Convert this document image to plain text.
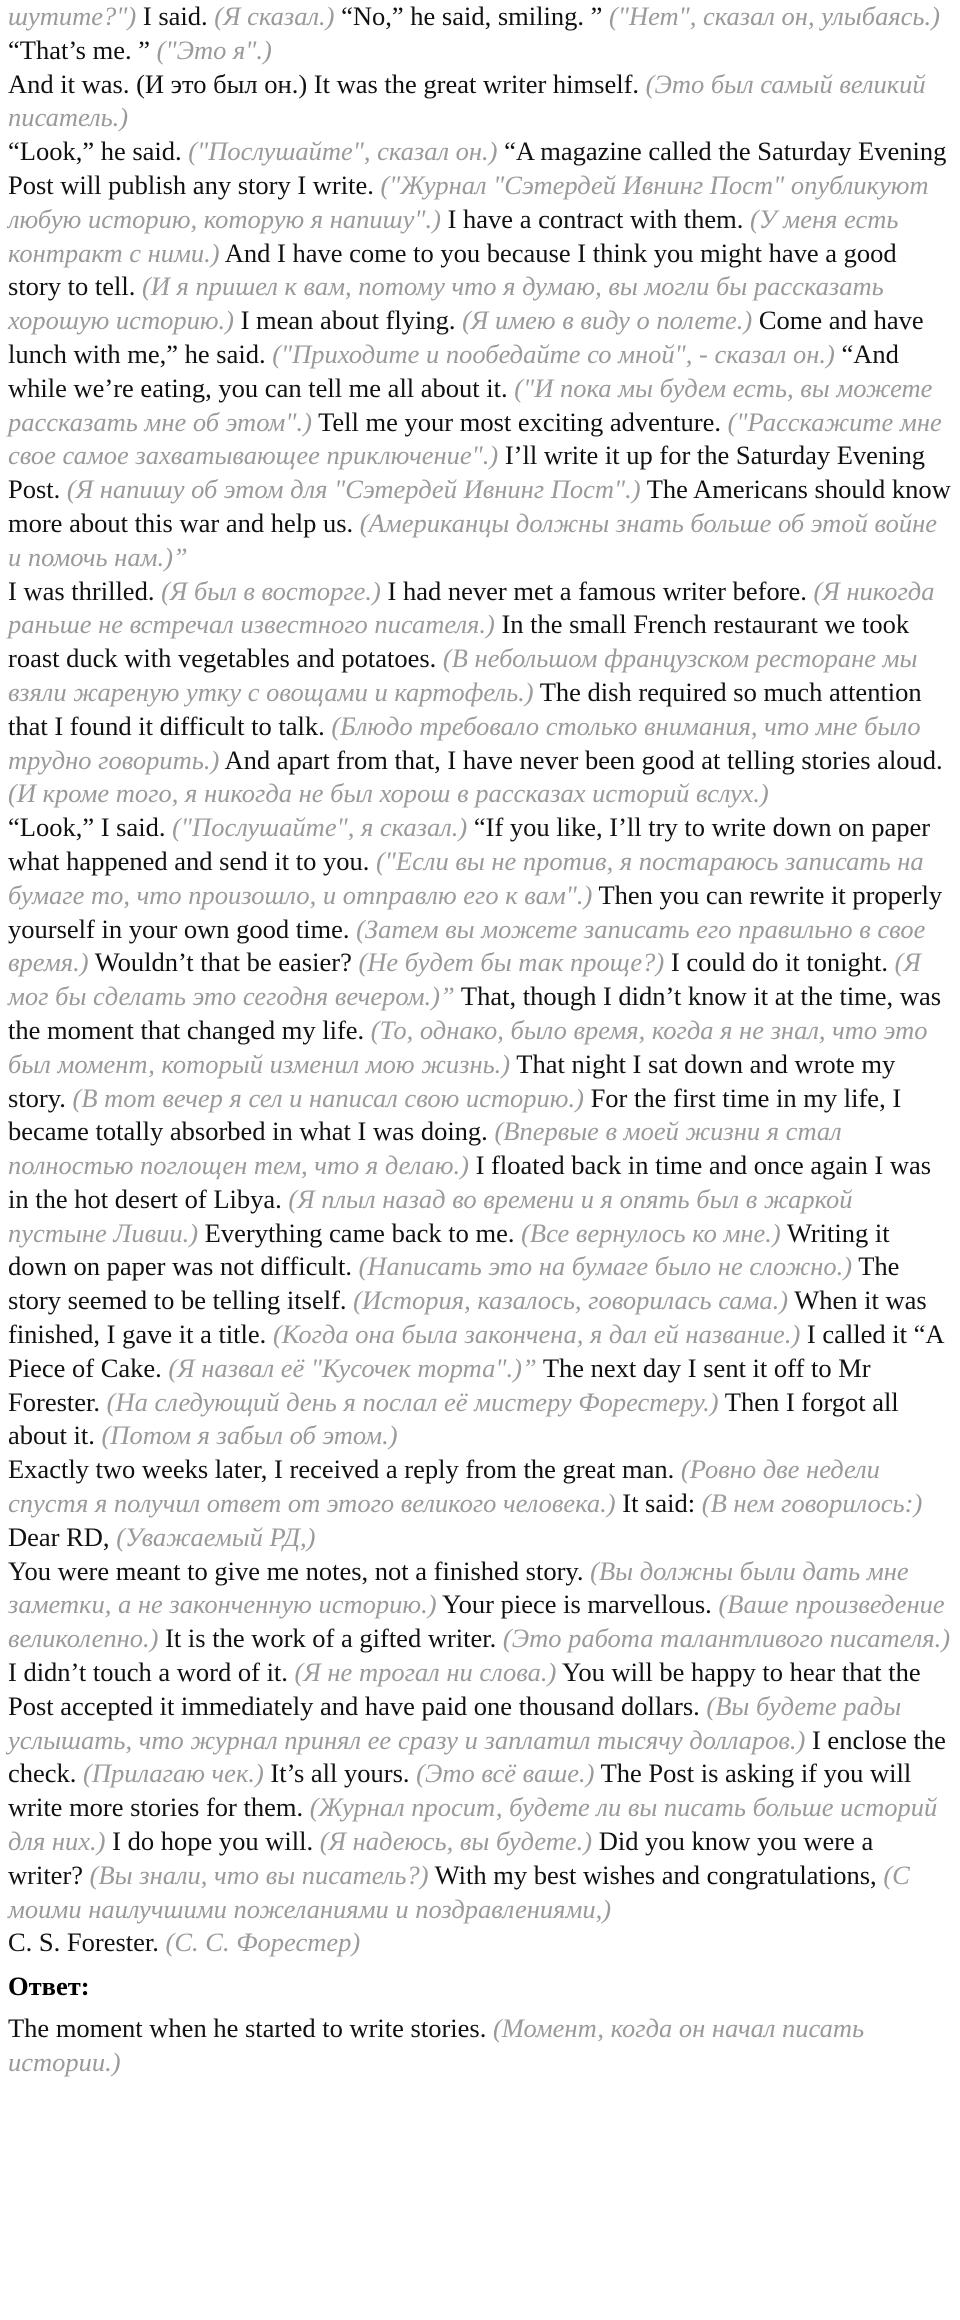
шутите?") I said. (Я сказал.) “No,” he said, smiling. ” ("Нет", сказал он, улыбаясь.) “That’s me. ” ("Это я".)
And it was. (И это был он.) It was the great writer himself. (Это был самый великий писатель.)
“Look,” he said. ("Послушайте", сказал он.) “A magazine called the Saturday Evening Post will publish any story I write. ("Журнал "Сэтердей Ивнинг Пост" опубликуют любую историю, которую я напишу".) I have a contract with them. (У меня есть контракт с ними.) And I have come to you because I think you might have a good story to tell. (И я пришел к вам, потому что я думаю, вы могли бы рассказать хорошую историю.) I mean about flying. (Я имею в виду о полете.) Come and have lunch with me,” he said. ("Приходите и пообедайте со мной", - сказал он.) “And while we’re eating, you can tell me all about it. ("И пока мы будем есть, вы можете рассказать мне об этом".) Tell me your most exciting adventure. ("Расскажите мне свое самое захватывающее приключение".) I’ll write it up for the Saturday Evening Post. (Я напишу об этом для "Сэтердей Ивнинг Пост".) The Americans should know more about this war and help us. (Американцы должны знать больше об этой войне и помочь нам.)”
I was thrilled. (Я был в восторге.) I had never met a famous writer before. (Я никогда раньше не встречал известного писателя.) In the small French restaurant we took roast duck with vegetables and potatoes. (В небольшом французском ресторане мы взяли жареную утку с овощами и картофель.) The dish required so much attention that I found it difficult to talk. (Блюдо требовало столько внимания, что мне было трудно говорить.) And apart from that, I have never been good at telling stories aloud. (И кроме того, я никогда не был хорош в рассказах историй вслух.)
“Look,” I said. ("Послушайте", я сказал.) “If you like, I’ll try to write down on paper what happened and send it to you. ("Если вы не против, я постараюсь записать на бумаге то, что произошло, и отправлю его к вам".) Then you can rewrite it properly yourself in your own good time. (Затем вы можете записать его правильно в свое время.) Wouldn’t that be easier? (Не будет бы так проще?) I could do it tonight. (Я мог бы сделать это сегодня вечером.)” That, though I didn’t know it at the time, was the moment that changed my life. (То, однако, было время, когда я не знал, что это был момент, который изменил мою жизнь.) That night I sat down and wrote my story. (В тот вечер я сел и написал свою историю.) For the first time in my life, I became totally absorbed in what I was doing. (Впервые в моей жизни я стал полностью поглощен тем, что я делаю.) I floated back in time and once again I was in the hot desert of Libya. (Я плыл назад во времени и я опять был в жаркой пустыне Ливии.) Everything came back to me. (Все вернулось ко мне.) Writing it down on paper was not difficult. (Написать это на бумаге было не сложно.) The story seemed to be telling itself. (История, казалось, говорилась сама.) When it was finished, I gave it a title. (Когда она была закончена, я дал ей название.) I called it “A Piece of Cake. (Я назвал её "Кусочек торта".)” The next day I sent it off to Mr Forester. (На следующий день я послал её мистеру Форестеру.) Then I forgot all about it. (Потом я забыл об этом.)
Exactly two weeks later, I received a reply from the great man. (Ровно две недели спустя я получил ответ от этого великого человека.) It said: (В нем говорилось:)
Dear RD, (Уважаемый РД,)
You were meant to give me notes, not a finished story. (Вы должны были дать мне заметки, а не законченную историю.) Your piece is marvellous. (Ваше произведение великолепно.) It is the work of a gifted writer. (Это работа талантливого писателя.) I didn’t touch a word of it. (Я не трогал ни слова.) You will be happy to hear that the Post accepted it immediately and have paid one thousand dollars. (Вы будете рады услышать, что журнал принял ее сразу и заплатил тысячу долларов.) I enclose the check. (Прилагаю чек.) It’s all yours. (Это всё ваше.) The Post is asking if you will write more stories for them. (Журнал просит, будете ли вы писать больше историй для них.) I do hope you will. (Я надеюсь, вы будете.) Did you know you were a writer? (Вы знали, что вы писатель?) With my best wishes and congratulations, (С моими наилучшими пожеланиями и поздравлениями,)
C. S. Forester. (С. С. Форестер)
Ответ:
The moment when he started to write stories. (Момент, когда он начал писать истории.)
